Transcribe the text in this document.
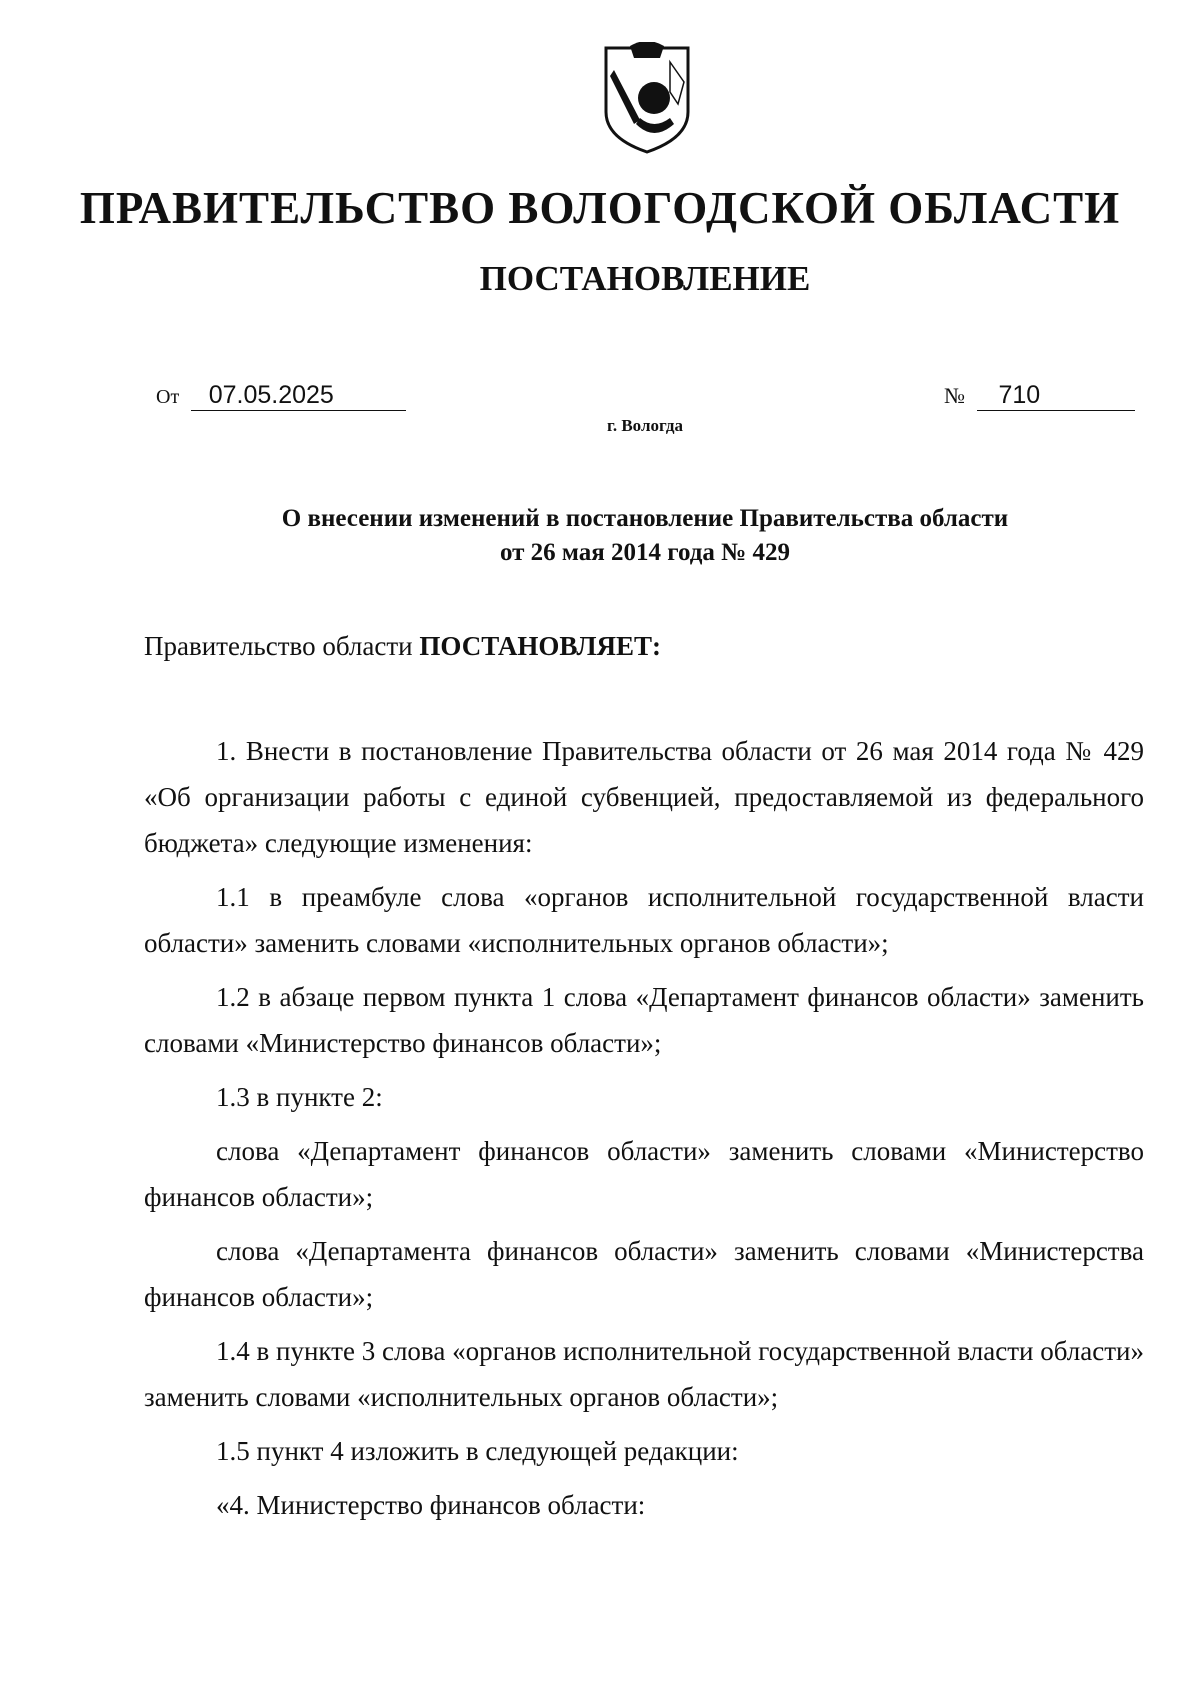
ПРАВИТЕЛЬСТВО ВОЛОГОДСКОЙ ОБЛАСТИ
ПОСТАНОВЛЕНИЕ
От 07.05.2025	№ 710
г. Вологда
О внесении изменений в постановление Правительства области
от 26 мая 2014 года № 429
Правительство области ПОСТАНОВЛЯЕТ:

1. Внести в постановление Правительства области от 26 мая 2014 года № 429 «Об организации работы с единой субвенцией, предоставляемой из федерального бюджета» следующие изменения:

1.1 в преамбуле слова «органов исполнительной государственной власти области» заменить словами «исполнительных органов области»;

1.2 в абзаце первом пункта 1 слова «Департамент финансов области» заменить словами «Министерство финансов области»;

1.3 в пункте 2:

слова «Департамент финансов области» заменить словами «Министерство финансов области»;

слова «Департамента финансов области» заменить словами «Министерства финансов области»;

1.4 в пункте 3 слова «органов исполнительной государственной власти области» заменить словами «исполнительных органов области»;

1.5 пункт 4 изложить в следующей редакции:

«4. Министерство финансов области:
